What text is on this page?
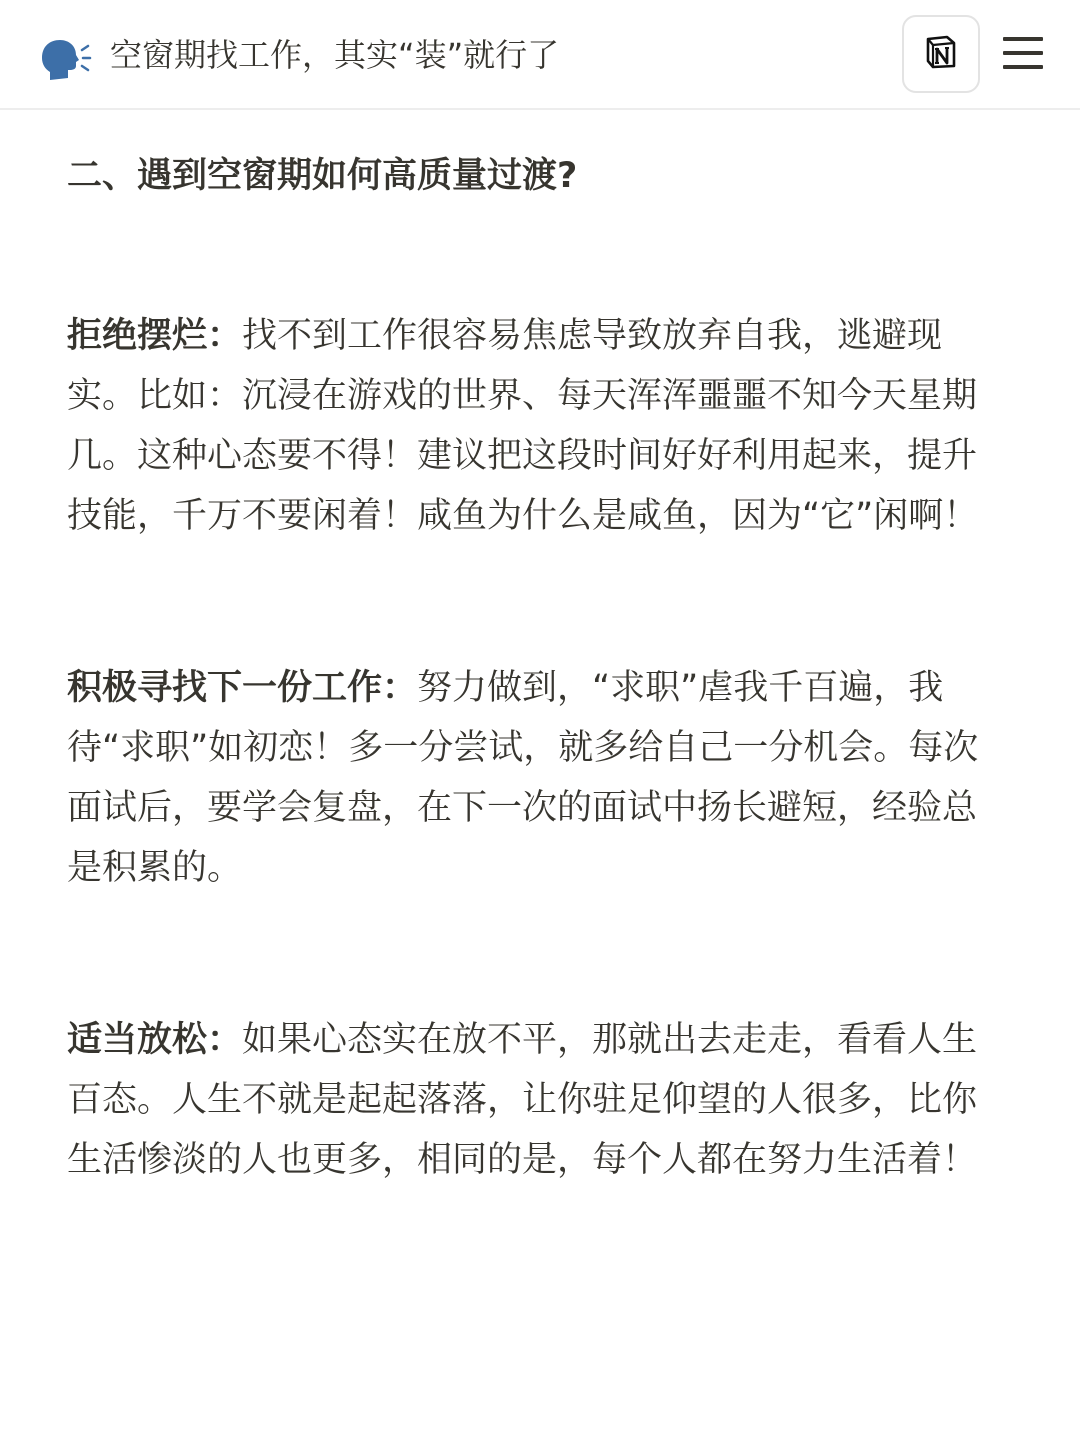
空窗期找工作，其实“装”就行了
二、遇到空窗期如何高质量过渡?

拒绝摆烂：找不到工作很容易焦虑导致放弃自我，逃避现实。比如：沉浸在游戏的世界、每天浑浑噩噩不知今天星期几。这种心态要不得！建议把这段时间好好利用起来，提升技能，千万不要闲着！咸鱼为什么是咸鱼，因为“它”闲啊！

积极寻找下一份工作：努力做到，“求职”虐我千百遍，我待“求职”如初恋！多一分尝试，就多给自己一分机会。每次面试后，要学会复盘，在下一次的面试中扬长避短，经验总是积累的。

适当放松：如果心态实在放不平，那就出去走走，看看人生百态。人生不就是起起落落，让你驻足仰望的人很多，比你生活惨淡的人也更多，相同的是，每个人都在努力生活着！
